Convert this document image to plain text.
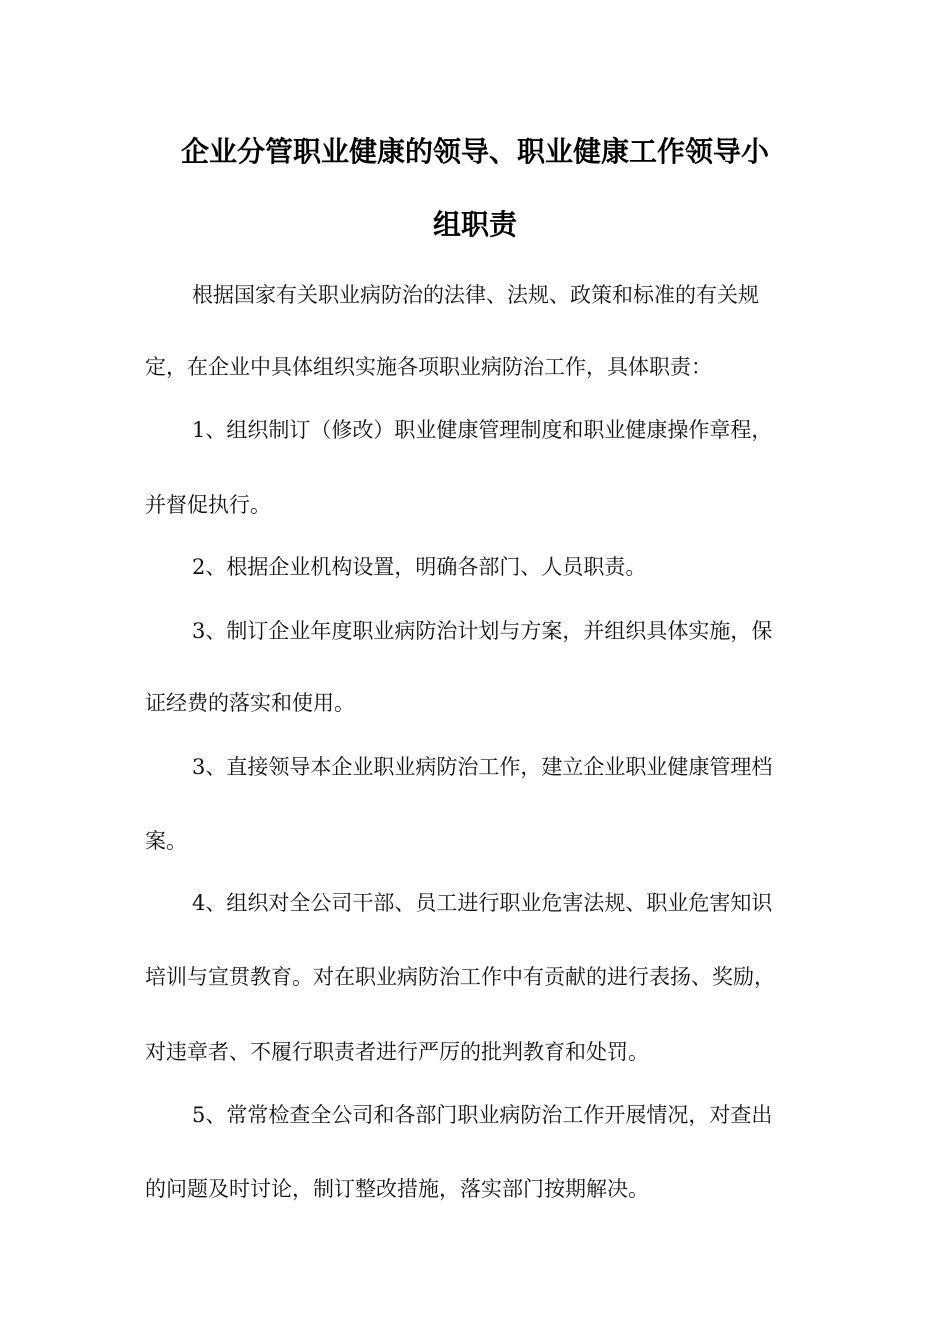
企业分管职业健康的领导、职业健康工作领导小
组职责
根据国家有关职业病防治的法律、法规、政策和标准的有关规
定，在企业中具体组织实施各项职业病防治工作，具体职责：
1、组织制订（修改）职业健康管理制度和职业健康操作章程，
并督促执行。
2、根据企业机构设置，明确各部门、人员职责。
3、制订企业年度职业病防治计划与方案，并组织具体实施，保
证经费的落实和使用。
3、直接领导本企业职业病防治工作，建立企业职业健康管理档
案。
4、组织对全公司干部、员工进行职业危害法规、职业危害知识
培训与宣贯教育。对在职业病防治工作中有贡献的进行表扬、奖励，
对违章者、不履行职责者进行严厉的批判教育和处罚。
5、常常检查全公司和各部门职业病防治工作开展情况，对查出
的问题及时讨论，制订整改措施，落实部门按期解决。
